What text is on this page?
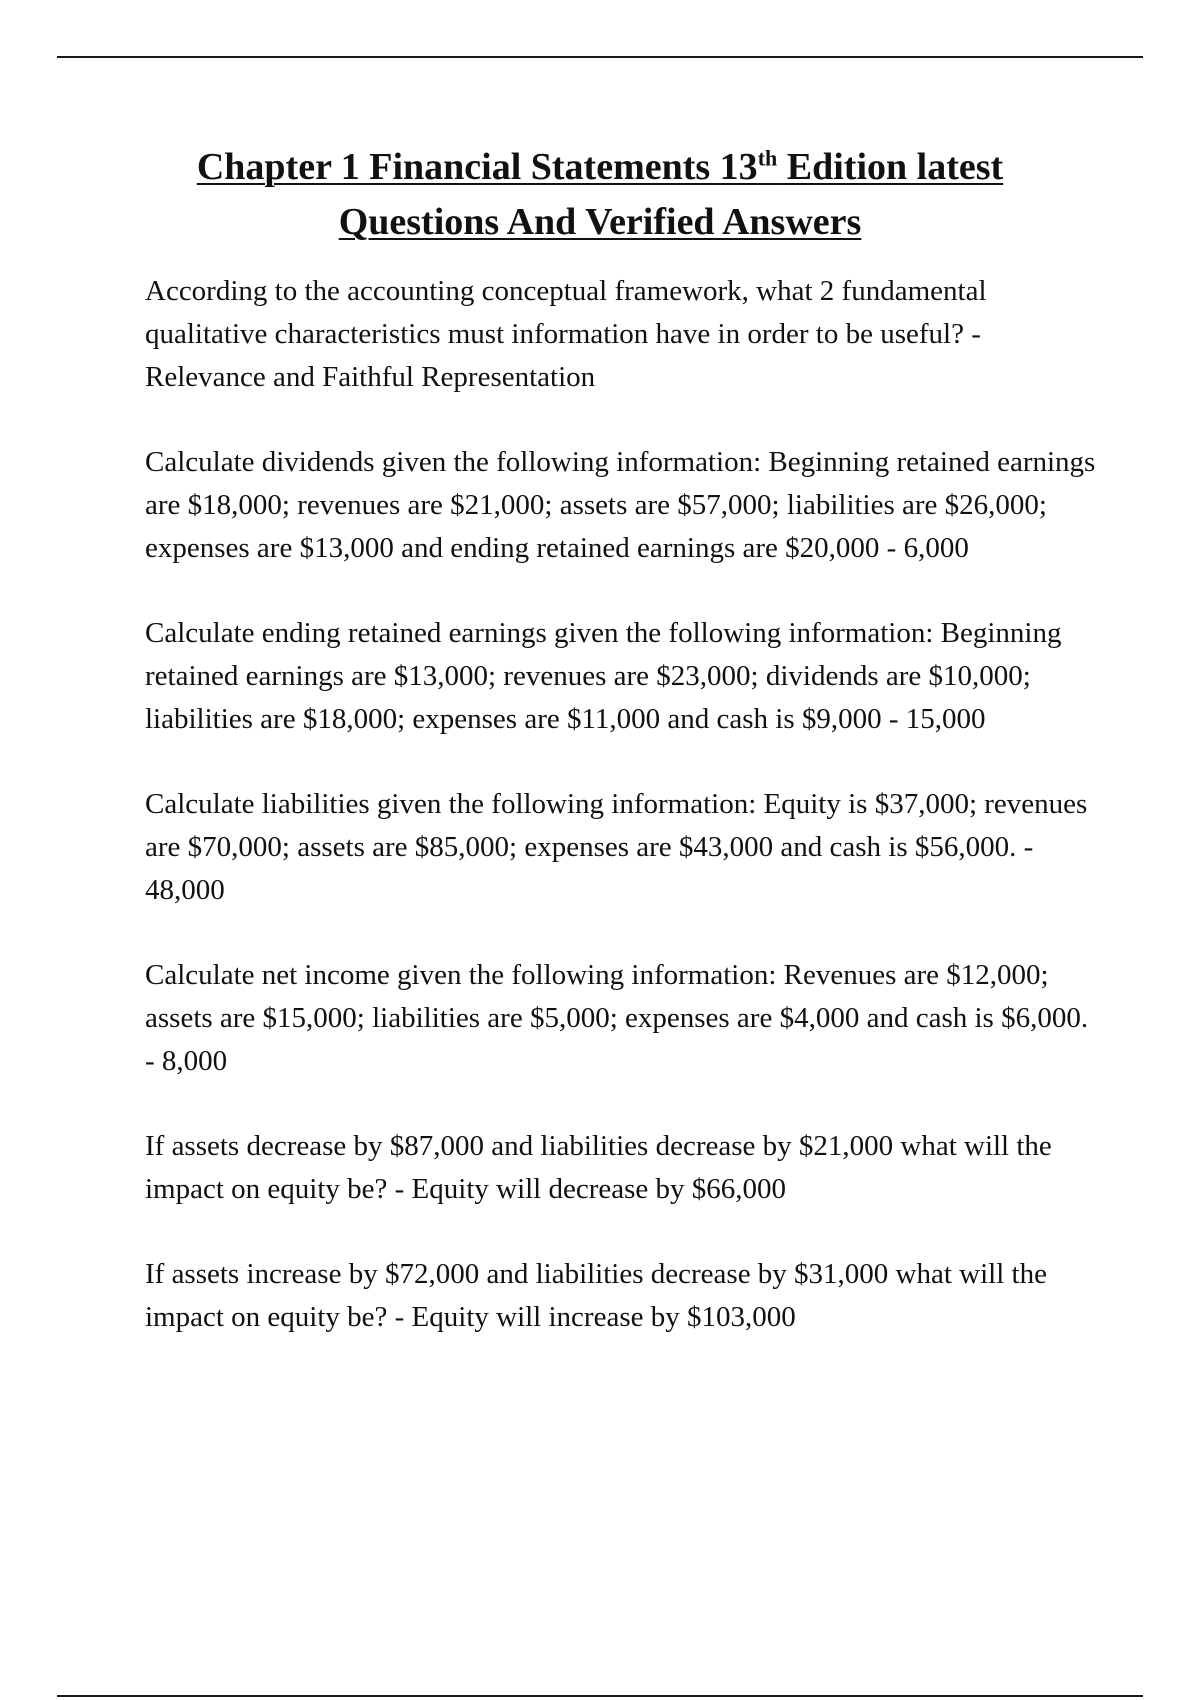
Chapter 1 Financial Statements 13th Edition latest
Questions And Verified Answers

According to the accounting conceptual framework, what 2 fundamental qualitative characteristics must information have in order to be useful? - Relevance and Faithful Representation

Calculate dividends given the following information: Beginning retained earnings are $18,000; revenues are $21,000; assets are $57,000; liabilities are $26,000; expenses are $13,000 and ending retained earnings are $20,000 - 6,000

Calculate ending retained earnings given the following information: Beginning retained earnings are $13,000; revenues are $23,000; dividends are $10,000; liabilities are $18,000; expenses are $11,000 and cash is $9,000 - 15,000

Calculate liabilities given the following information: Equity is $37,000; revenues are $70,000; assets are $85,000; expenses are $43,000 and cash is $56,000. - 48,000

Calculate net income given the following information: Revenues are $12,000; assets are $15,000; liabilities are $5,000; expenses are $4,000 and cash is $6,000. - 8,000

If assets decrease by $87,000 and liabilities decrease by $21,000 what will the impact on equity be? - Equity will decrease by $66,000

If assets increase by $72,000 and liabilities decrease by $31,000 what will the impact on equity be? - Equity will increase by $103,000
